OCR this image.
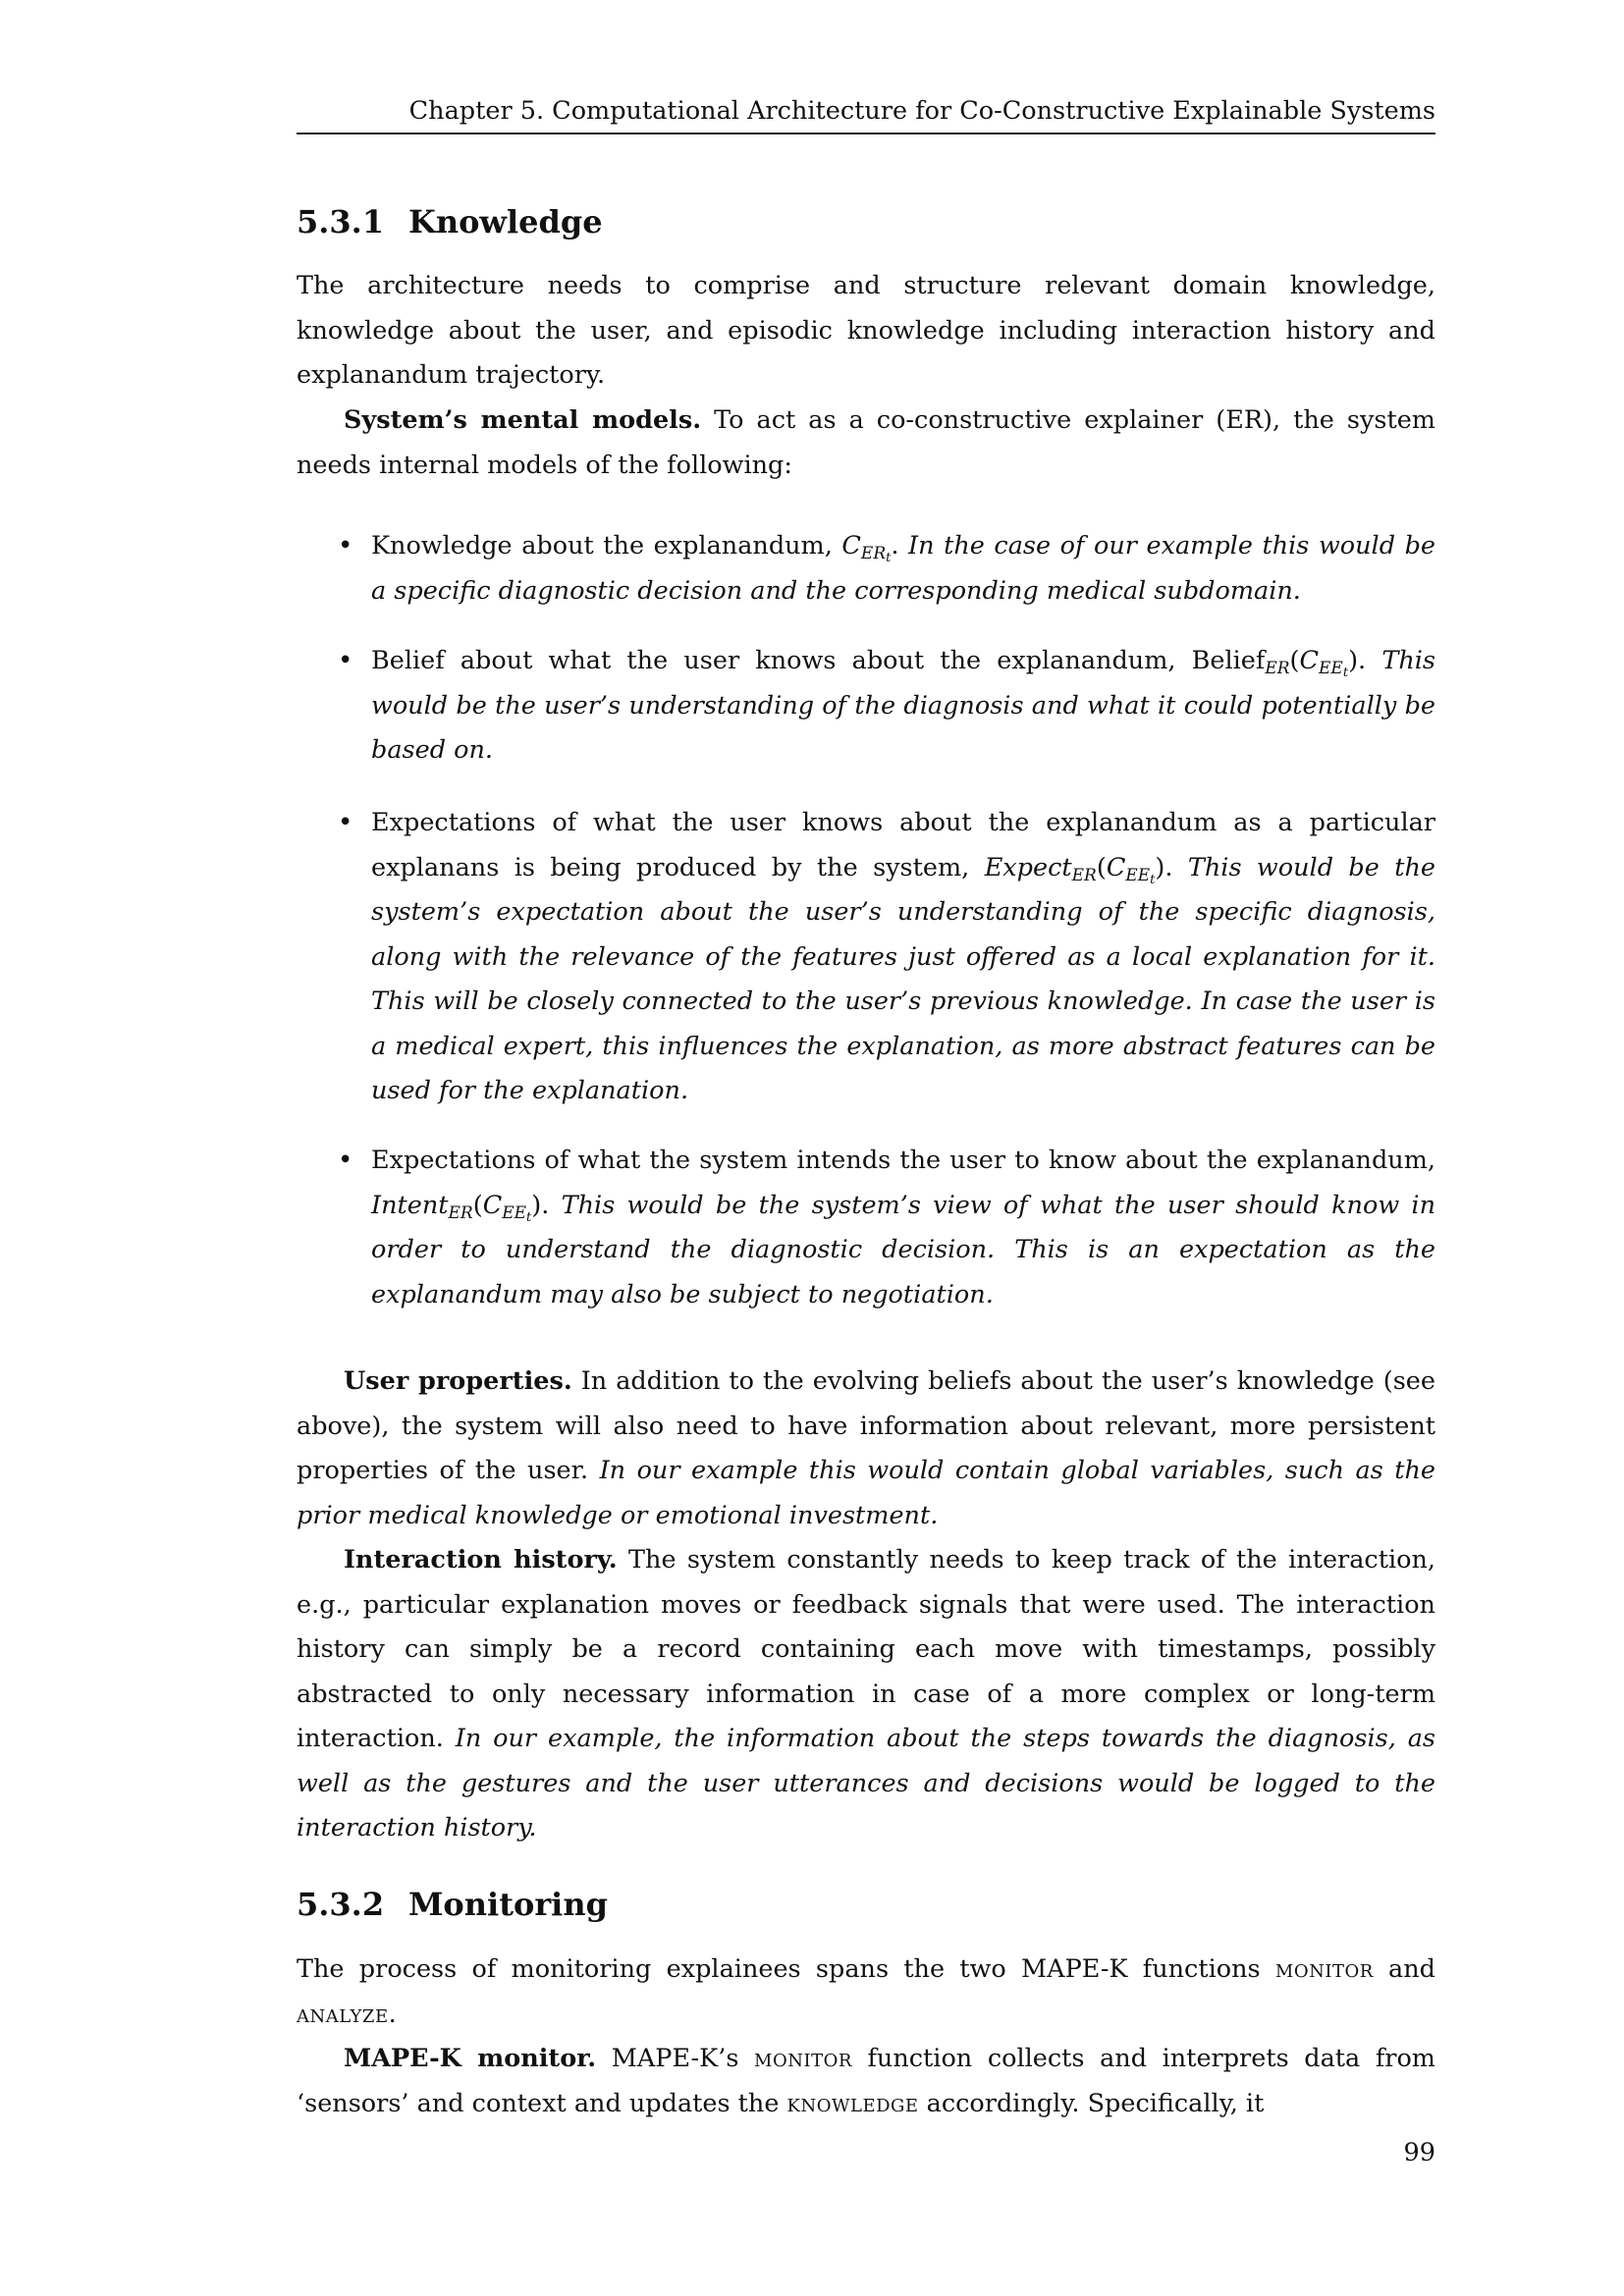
Chapter 5. Computational Architecture for Co-Constructive Explainable Systems
5.3.1 Knowledge

The architecture needs to comprise and structure relevant domain knowledge, knowledge about the user, and episodic knowledge including interaction history and explanandum trajectory.

System’s mental models. To act as a co-constructive explainer (ER), the system needs internal models of the following:

• Knowledge about the explanandum, $C_{ER_t}$. In the case of our example this would be a specific diagnostic decision and the corresponding medical subdomain.

• Belief about what the user knows about the explanandum, $Belief_{ER}(C_{EE_t})$. This would be the user’s understanding of the diagnosis and what it could potentially be based on.

• Expectations of what the user knows about the explanandum as a particular explanans is being produced by the system, $Expect_{ER}(C_{EE_t})$. This would be the system’s expectation about the user’s understanding of the specific diagnosis, along with the relevance of the features just offered as a local explanation for it. This will be closely connected to the user’s previous knowledge. In case the user is a medical expert, this influences the explanation, as more abstract features can be used for the explanation.

• Expectations of what the system intends the user to know about the explanandum, $Intent_{ER}(C_{EE_t})$. This would be the system’s view of what the user should know in order to understand the diagnostic decision. This is an expectation as the explanandum may also be subject to negotiation.

User properties. In addition to the evolving beliefs about the user’s knowledge (see above), the system will also need to have information about relevant, more persistent properties of the user. In our example this would contain global variables, such as the prior medical knowledge or emotional investment.

Interaction history. The system constantly needs to keep track of the interaction, e.g., particular explanation moves or feedback signals that were used. The interaction history can simply be a record containing each move with timestamps, possibly abstracted to only necessary information in case of a more complex or long-term interaction. In our example, the information about the steps towards the diagnosis, as well as the gestures and the user utterances and decisions would be logged to the interaction history.

5.3.2 Monitoring

The process of monitoring explainees spans the two MAPE-K functions monitor and analyze.

MAPE-K monitor. MAPE-K’s monitor function collects and interprets data from ‘sensors’ and context and updates the knowledge accordingly. Specifically, it

99
